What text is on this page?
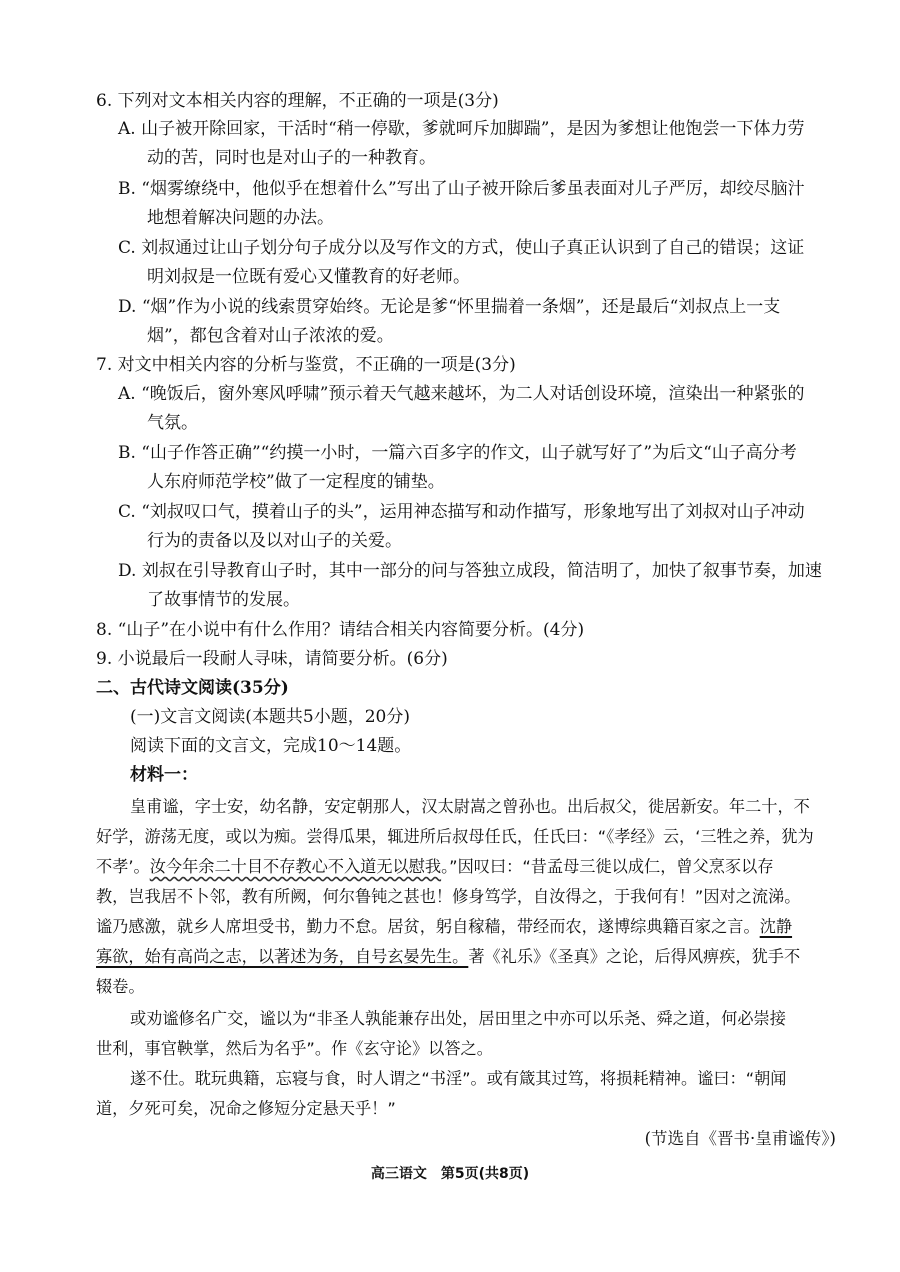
6. 下列对文本相关内容的理解，不正确的一项是(3分)
A. 山子被开除回家，干活时“稍一停歇，爹就呵斥加脚踹”，是因为爹想让他饱尝一下体力劳
动的苦，同时也是对山子的一种教育。
B. “烟雾缭绕中，他似乎在想着什么”写出了山子被开除后爹虽表面对儿子严厉，却绞尽脑汁
地想着解决问题的办法。
C. 刘叔通过让山子划分句子成分以及写作文的方式，使山子真正认识到了自己的错误；这证
明刘叔是一位既有爱心又懂教育的好老师。
D. “烟”作为小说的线索贯穿始终。无论是爹“怀里揣着一条烟”，还是最后“刘叔点上一支
烟”，都包含着对山子浓浓的爱。
7. 对文中相关内容的分析与鉴赏，不正确的一项是(3分)
A. “晚饭后，窗外寒风呼啸”预示着天气越来越坏，为二人对话创设环境，渲染出一种紧张的
气氛。
B. “山子作答正确”“约摸一小时，一篇六百多字的作文，山子就写好了”为后文“山子高分考
人东府师范学校”做了一定程度的铺垫。
C. “刘叔叹口气，摸着山子的头”，运用神态描写和动作描写，形象地写出了刘叔对山子冲动
行为的责备以及以对山子的关爱。
D. 刘叔在引导教育山子时，其中一部分的问与答独立成段，简洁明了，加快了叙事节奏，加速
了故事情节的发展。
8. “山子”在小说中有什么作用？请结合相关内容简要分析。(4分)
9. 小说最后一段耐人寻味，请简要分析。(6分)
二、古代诗文阅读(35分)
(一)文言文阅读(本题共5小题，20分)
阅读下面的文言文，完成10～14题。
材料一：
皇甫谧，字士安，幼名静，安定朝那人，汉太尉嵩之曾孙也。出后叔父，徙居新安。年二十，不
好学，游荡无度，或以为痴。尝得瓜果，辄进所后叔母任氏，任氏曰：“《孝经》云，‘三牲之养，犹为
不孝’。汝今年余二十目不存教心不入道无以慰我。”因叹曰：“昔孟母三徙以成仁，曾父烹豕以存
教，岂我居不卜邻，教有所阙，何尔鲁钝之甚也！修身笃学，自汝得之，于我何有！”因对之流涕。
谧乃感激，就乡人席坦受书，勤力不怠。居贫，躬自稼穑，带经而农，遂博综典籍百家之言。沈静
寡欲，始有高尚之志，以著述为务，自号玄晏先生。著《礼乐》《圣真》之论，后得风痹疾，犹手不
辍卷。
或劝谧修名广交，谧以为“非圣人孰能兼存出处，居田里之中亦可以乐尧、舜之道，何必崇接
世利，事官鞅掌，然后为名乎”。作《玄守论》以答之。
遂不仕。耽玩典籍，忘寝与食，时人谓之“书淫”。或有箴其过笃，将损耗精神。谧曰：“朝闻
道，夕死可矣，况命之修短分定悬天乎！”
(节选自《晋书·皇甫谧传》)
高三语文　第5页(共8页)
